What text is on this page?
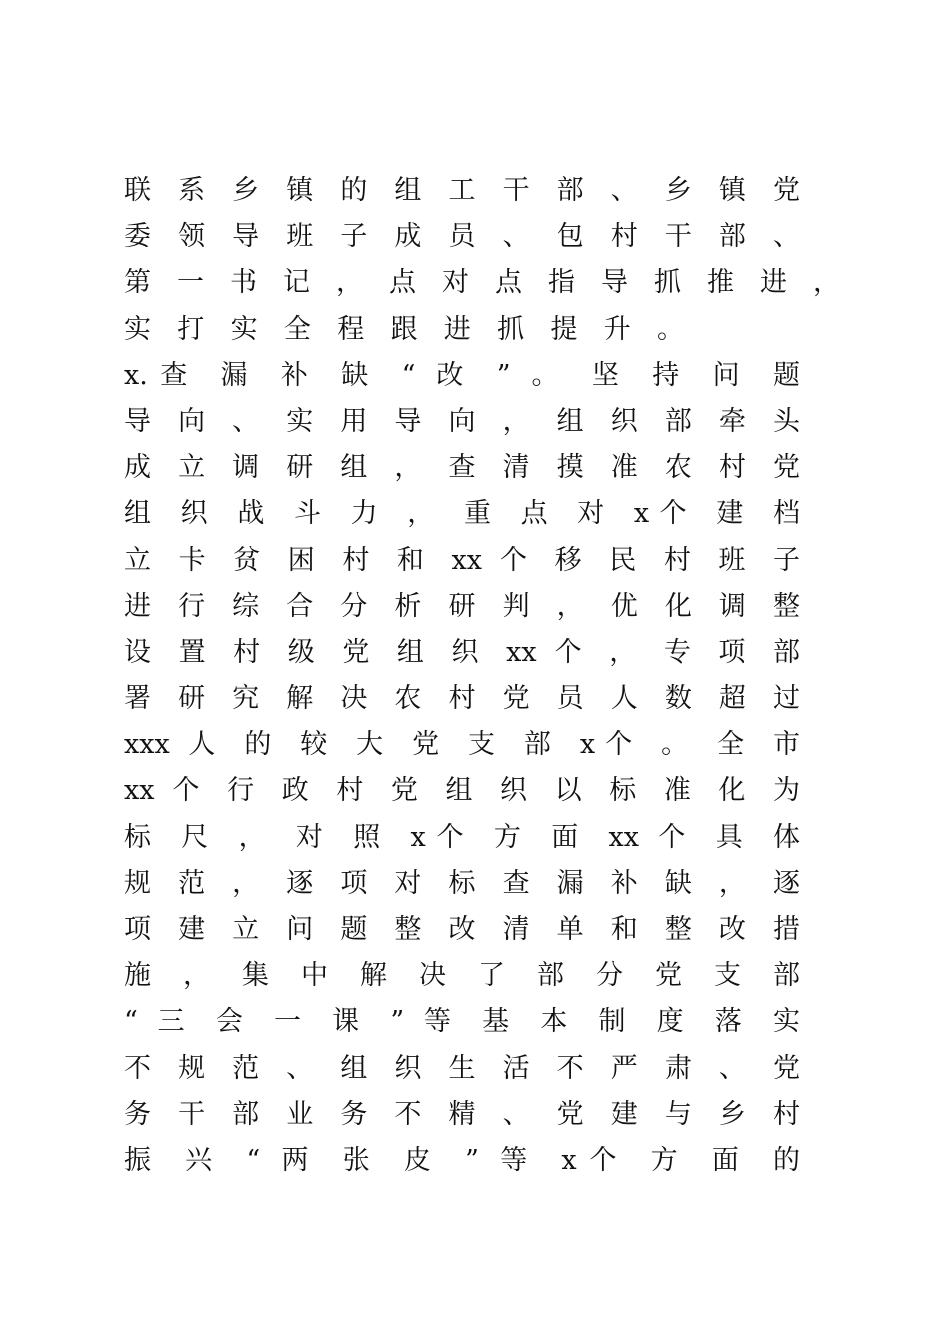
联 系 乡 镇 的 组 工 干 部 、 乡 镇 党
委 领 导 班 子 成 员 、 包 村 干 部 、
第 一 书 记 ， 点 对 点 指 导 抓 推 进 ，
实 打 实 全 程 跟 进 抓 提 升 。
x.查 漏 补 缺 “ 改 ” 。 坚 持 问 题
导 向 、 实 用 导 向 ， 组 织 部 牵 头
成 立 调 研 组 ， 查 清 摸 准 农 村 党
组 织 战 斗 力 ， 重 点 对 x个 建 档
立 卡 贫 困 村 和 xx 个 移 民 村 班 子
进 行 综 合 分 析 研 判 ， 优 化 调 整
设 置 村 级 党 组 织 xx 个 ， 专 项 部
署 研 究 解 决 农 村 党 员 人 数 超 过
xxx 人 的 较 大 党 支 部 x个 。 全 市
xx 个 行 政 村 党 组 织 以 标 准 化 为
标 尺 ， 对 照 x个 方 面 xx 个 具 体
规 范 ， 逐 项 对 标 查 漏 补 缺 ， 逐
项 建 立 问 题 整 改 清 单 和 整 改 措
施 ， 集 中 解 决 了 部 分 党 支 部
“ 三 会 一 课 ” 等 基 本 制 度 落 实
不 规 范 、 组 织 生 活 不 严 肃 、 党
务 干 部 业 务 不 精 、 党 建 与 乡 村
振 兴 “ 两 张 皮 ” 等 x个 方 面 的
